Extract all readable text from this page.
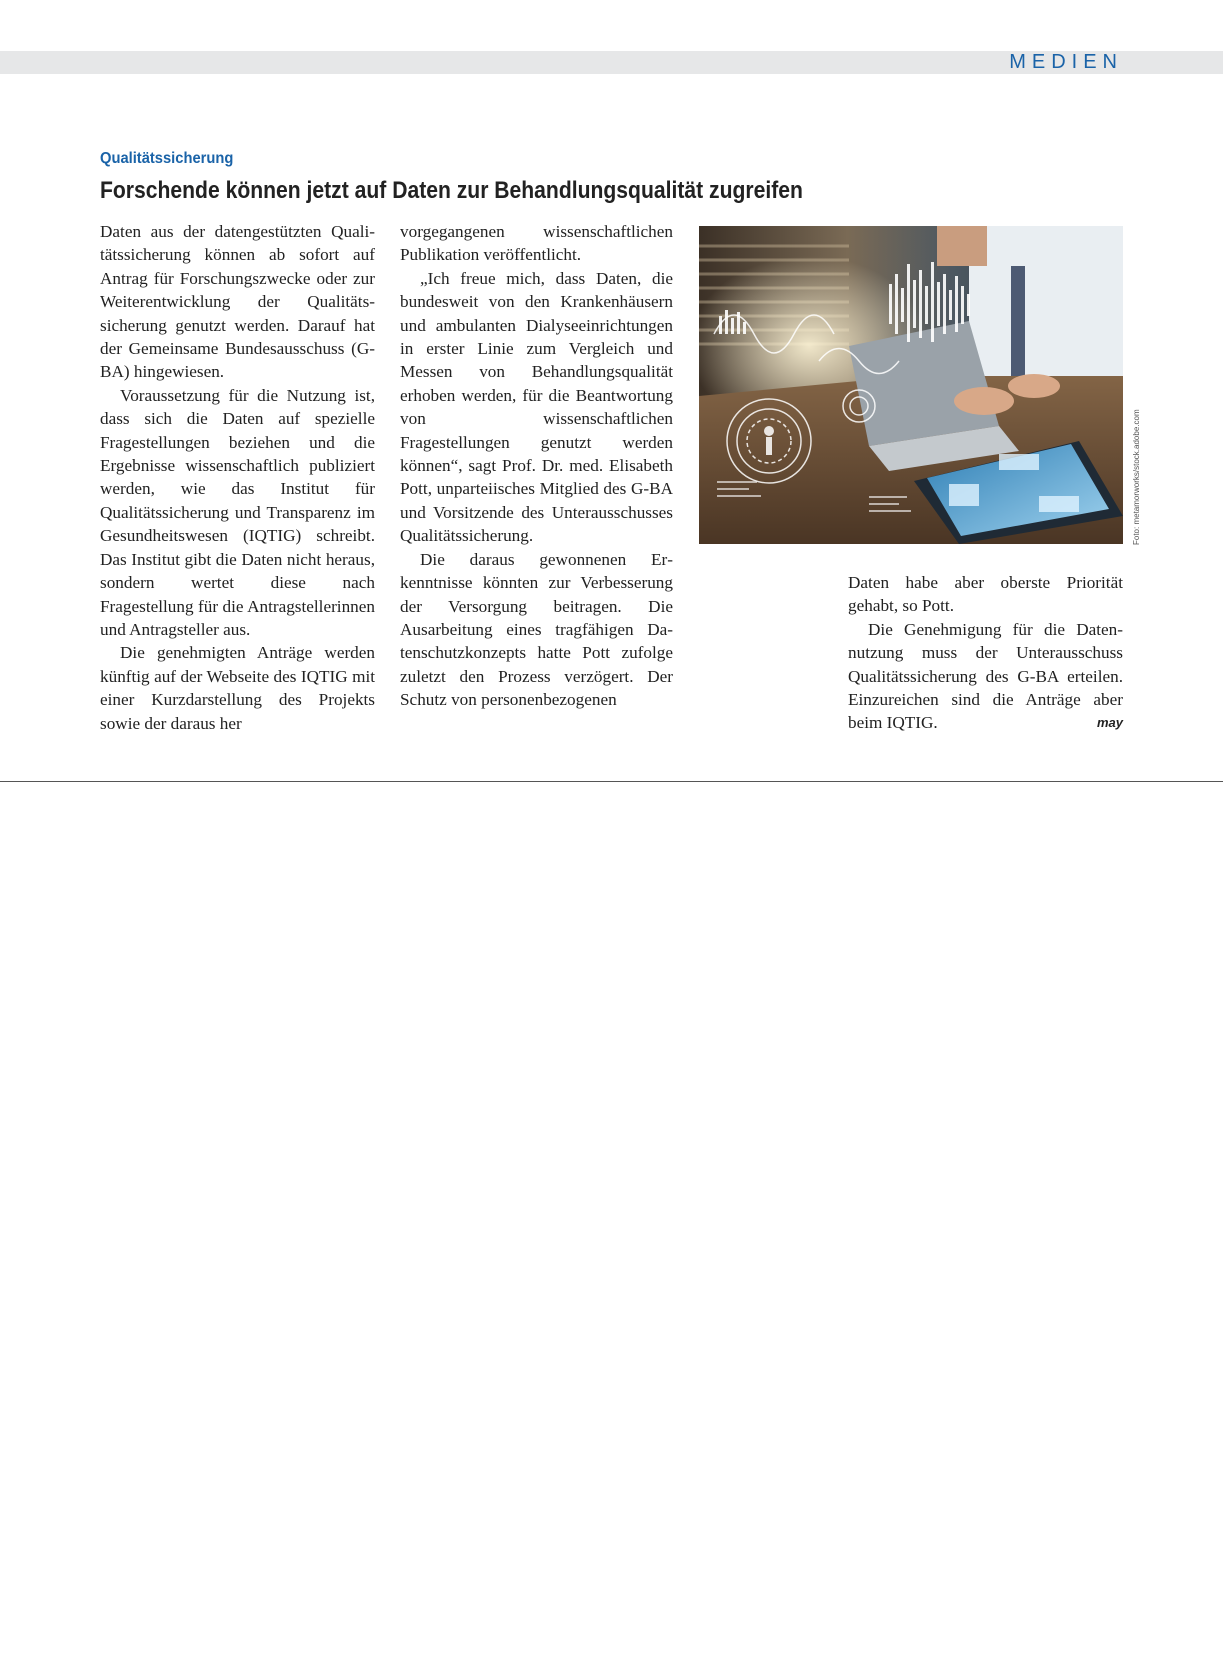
MEDIEN
Qualitätssicherung
Forschende können jetzt auf Daten zur Behandlungsqualität zugreifen

Daten aus der datengestützten Qualitätssicherung können ab sofort auf Antrag für Forschungszwecke oder zur Weiterentwicklung der Qualitätssicherung genutzt werden. Darauf hat der Gemeinsame Bundesausschuss (G-BA) hingewiesen.

Voraussetzung für die Nutzung ist, dass sich die Daten auf spezielle Fragestellungen beziehen und die Ergebnisse wissenschaftlich publiziert werden, wie das Institut für Qualitätssicherung und Transparenz im Gesundheitswesen (IQTIG) schreibt. Das Institut gibt die Daten nicht heraus, sondern wertet diese nach Fragestellung für die Antragstellerinnen und Antragsteller aus.

Die genehmigten Anträge werden künftig auf der Webseite des IQTIG mit einer Kurzdarstellung des Projekts sowie der daraus her

vorgegangenen wissenschaftlichen Publikation veröffentlicht.

„Ich freue mich, dass Daten, die bundesweit von den Krankenhäusern und ambulanten Dialyseeinrichtungen in erster Linie zum Vergleich und Messen von Behandlungsqualität erhoben werden, für die Beantwortung von wissenschaftlichen Fragestellungen genutzt werden können“, sagt Prof. Dr. med. Elisabeth Pott, unparteiisches Mitglied des G-BA und Vorsitzende des Unterausschusses Qualitätssicherung.

Die daraus gewonnenen Erkenntnisse könnten zur Verbesserung der Versorgung beitragen. Die Ausarbeitung eines tragfähigen Datenschutzkonzepts hatte Pott zufolge zuletzt den Prozess verzögert. Der Schutz von personenbezogenen

Foto: metamorworks/stock.adobe.com

Daten habe aber oberste Priorität gehabt, so Pott.

Die Genehmigung für die Datennutzung muss der Unterausschuss Qualitätssicherung des G-BA erteilen. Einzureichen sind die Anträge aber beim IQTIG.	may
